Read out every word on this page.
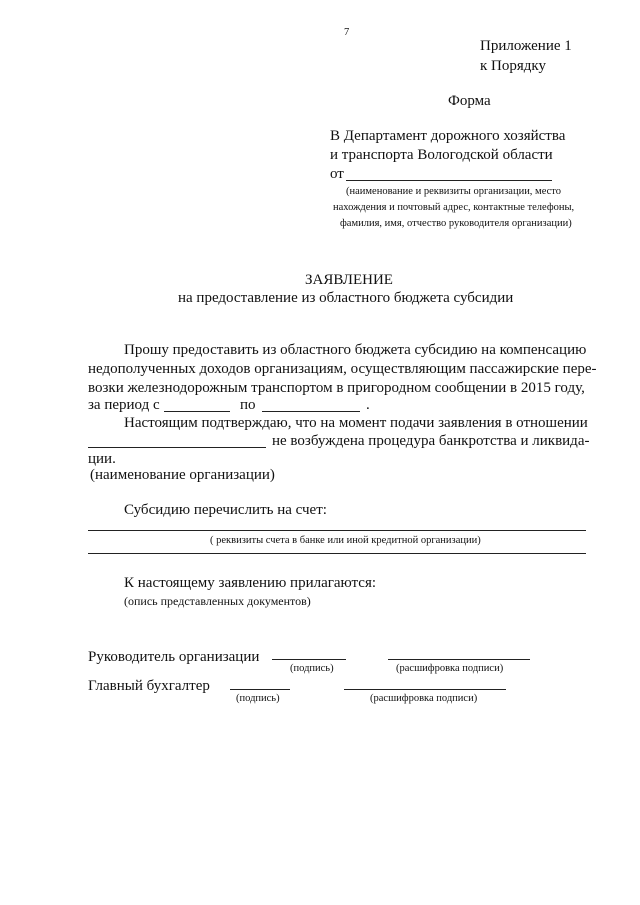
7
Приложение 1
к Порядку
Форма
В Департамент дорожного хозяйства
и транспорта Вологодской области
от
(наименование и реквизиты организации, место
нахождения и почтовый адрес, контактные телефоны,
фамилия, имя, отчество руководителя организации)
ЗАЯВЛЕНИЕ
на предоставление из областного бюджета субсидии
Прошу предоставить из областного бюджета субсидию на компенсацию
недополученных доходов организациям, осуществляющим пассажирские пере-
возки железнодорожным транспортом в пригородном сообщении в 2015 году,
за период с	по	.
Настоящим подтверждаю, что на момент подачи заявления в отношении
не возбуждена процедура банкротства и ликвида-
ции.
(наименование организации)
Субсидию перечислить на счет:
( реквизиты счета в банке или иной кредитной организации)
К настоящему заявлению прилагаются:
(опись представленных документов)
Руководитель организации
(подпись)	(расшифровка подписи)
Главный бухгалтер
(подпись)	(расшифровка подписи)
